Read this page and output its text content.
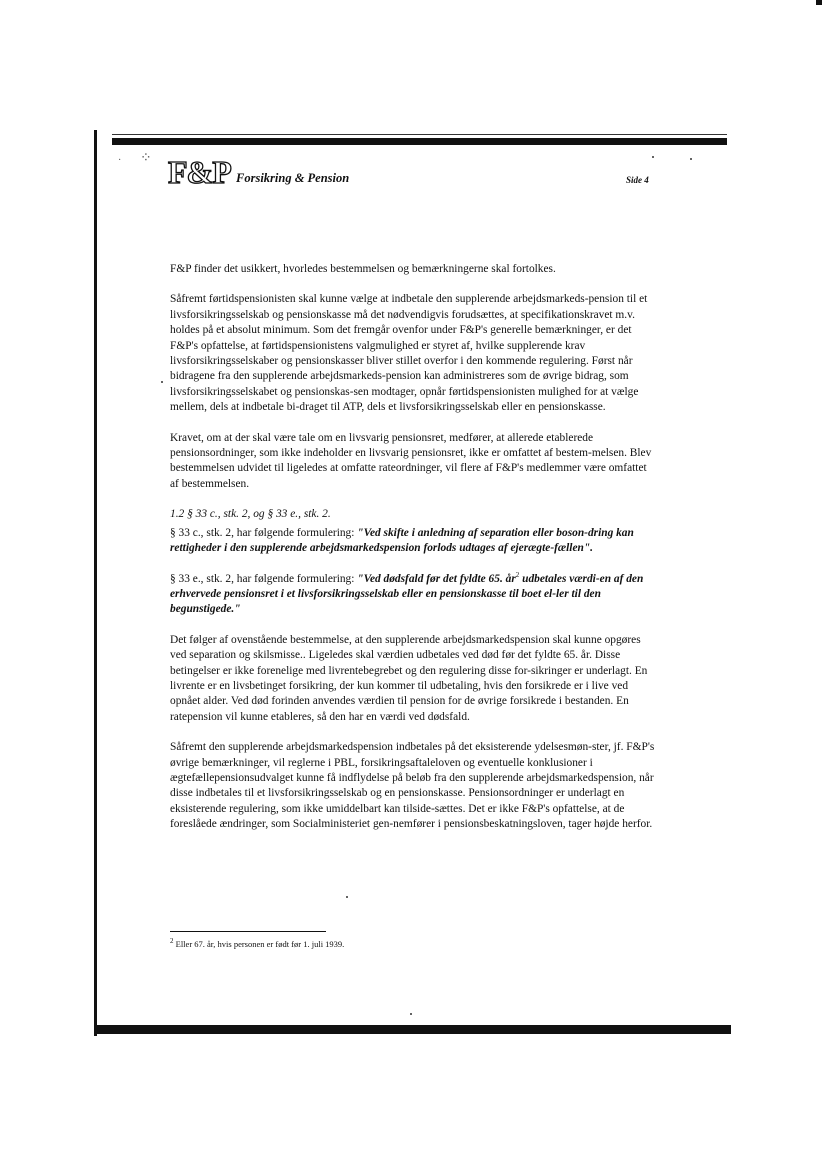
· ⁘ F&P Forsikring & Pension	Side 4

F&P finder det usikkert, hvorledes bestemmelsen og bemærkningerne skal fortolkes.

Såfremt førtidspensionisten skal kunne vælge at indbetale den supplerende arbejdsmarkeds-pension til et livsforsikringsselskab og pensionskasse må det nødvendigvis forudsættes, at specifikationskravet m.v. holdes på et absolut minimum. Som det fremgår ovenfor under F&P's generelle bemærkninger, er det F&P's opfattelse, at førtidspensionistens valgmulighed er styret af, hvilke supplerende krav livsforsikringsselskaber og pensionskasser bliver stillet overfor i den kommende regulering. Først når bidragene fra den supplerende arbejdsmarkeds-pension kan administreres som de øvrige bidrag, som livsforsikringsselskabet og pensionskas-sen modtager, opnår førtidspensionisten mulighed for at vælge mellem, dels at indbetale bi-draget til ATP, dels et livsforsikringsselskab eller en pensionskasse.

Kravet, om at der skal være tale om en livsvarig pensionsret, medfører, at allerede etablerede pensionsordninger, som ikke indeholder en livsvarig pensionsret, ikke er omfattet af bestem-melsen. Blev bestemmelsen udvidet til ligeledes at omfatte rateordninger, vil flere af F&P's medlemmer være omfattet af bestemmelsen.

1.2 § 33 c., stk. 2, og § 33 e., stk. 2.

§ 33 c., stk. 2, har følgende formulering: "Ved skifte i anledning af separation eller boson-dring kan rettigheder i den supplerende arbejdsmarkedspension forlods udtages af ejerægte-fællen".

§ 33 e., stk. 2, har følgende formulering: "Ved dødsfald før det fyldte 65. $år^2$ udbetales værdi-en af den erhvervede pensionsret i et livsforsikringsselskab eller en pensionskasse til boet el-ler til den begunstigede."

Det følger af ovenstående bestemmelse, at den supplerende arbejdsmarkedspension skal kunne opgøres ved separation og skilsmisse.. Ligeledes skal værdien udbetales ved død før det fyldte 65. år. Disse betingelser er ikke forenelige med livrentebegrebet og den regulering disse for-sikringer er underlagt. En livrente er en livsbetinget forsikring, der kun kommer til udbetaling, hvis den forsikrede er i live ved opnået alder. Ved død forinden anvendes værdien til pension for de øvrige forsikrede i bestanden. En ratepension vil kunne etableres, så den har en værdi ved dødsfald.

Såfremt den supplerende arbejdsmarkedspension indbetales på det eksisterende ydelsesmøn-ster, jf. F&P's øvrige bemærkninger, vil reglerne i PBL, forsikringsaftaleloven og eventuelle konklusioner i ægtefællepensionsudvalget kunne få indflydelse på beløb fra den supplerende arbejdsmarkedspension, når disse indbetales til et livsforsikringsselskab og en pensionskasse. Pensionsordninger er underlagt en eksisterende regulering, som ikke umiddelbart kan tilside-sættes. Det er ikke F&P's opfattelse, at de foreslåede ændringer, som Socialministeriet gen-nemfører i pensionsbeskatningsloven, tager højde herfor.

$^2$ Eller 67. år, hvis personen er født før 1. juli 1939.
